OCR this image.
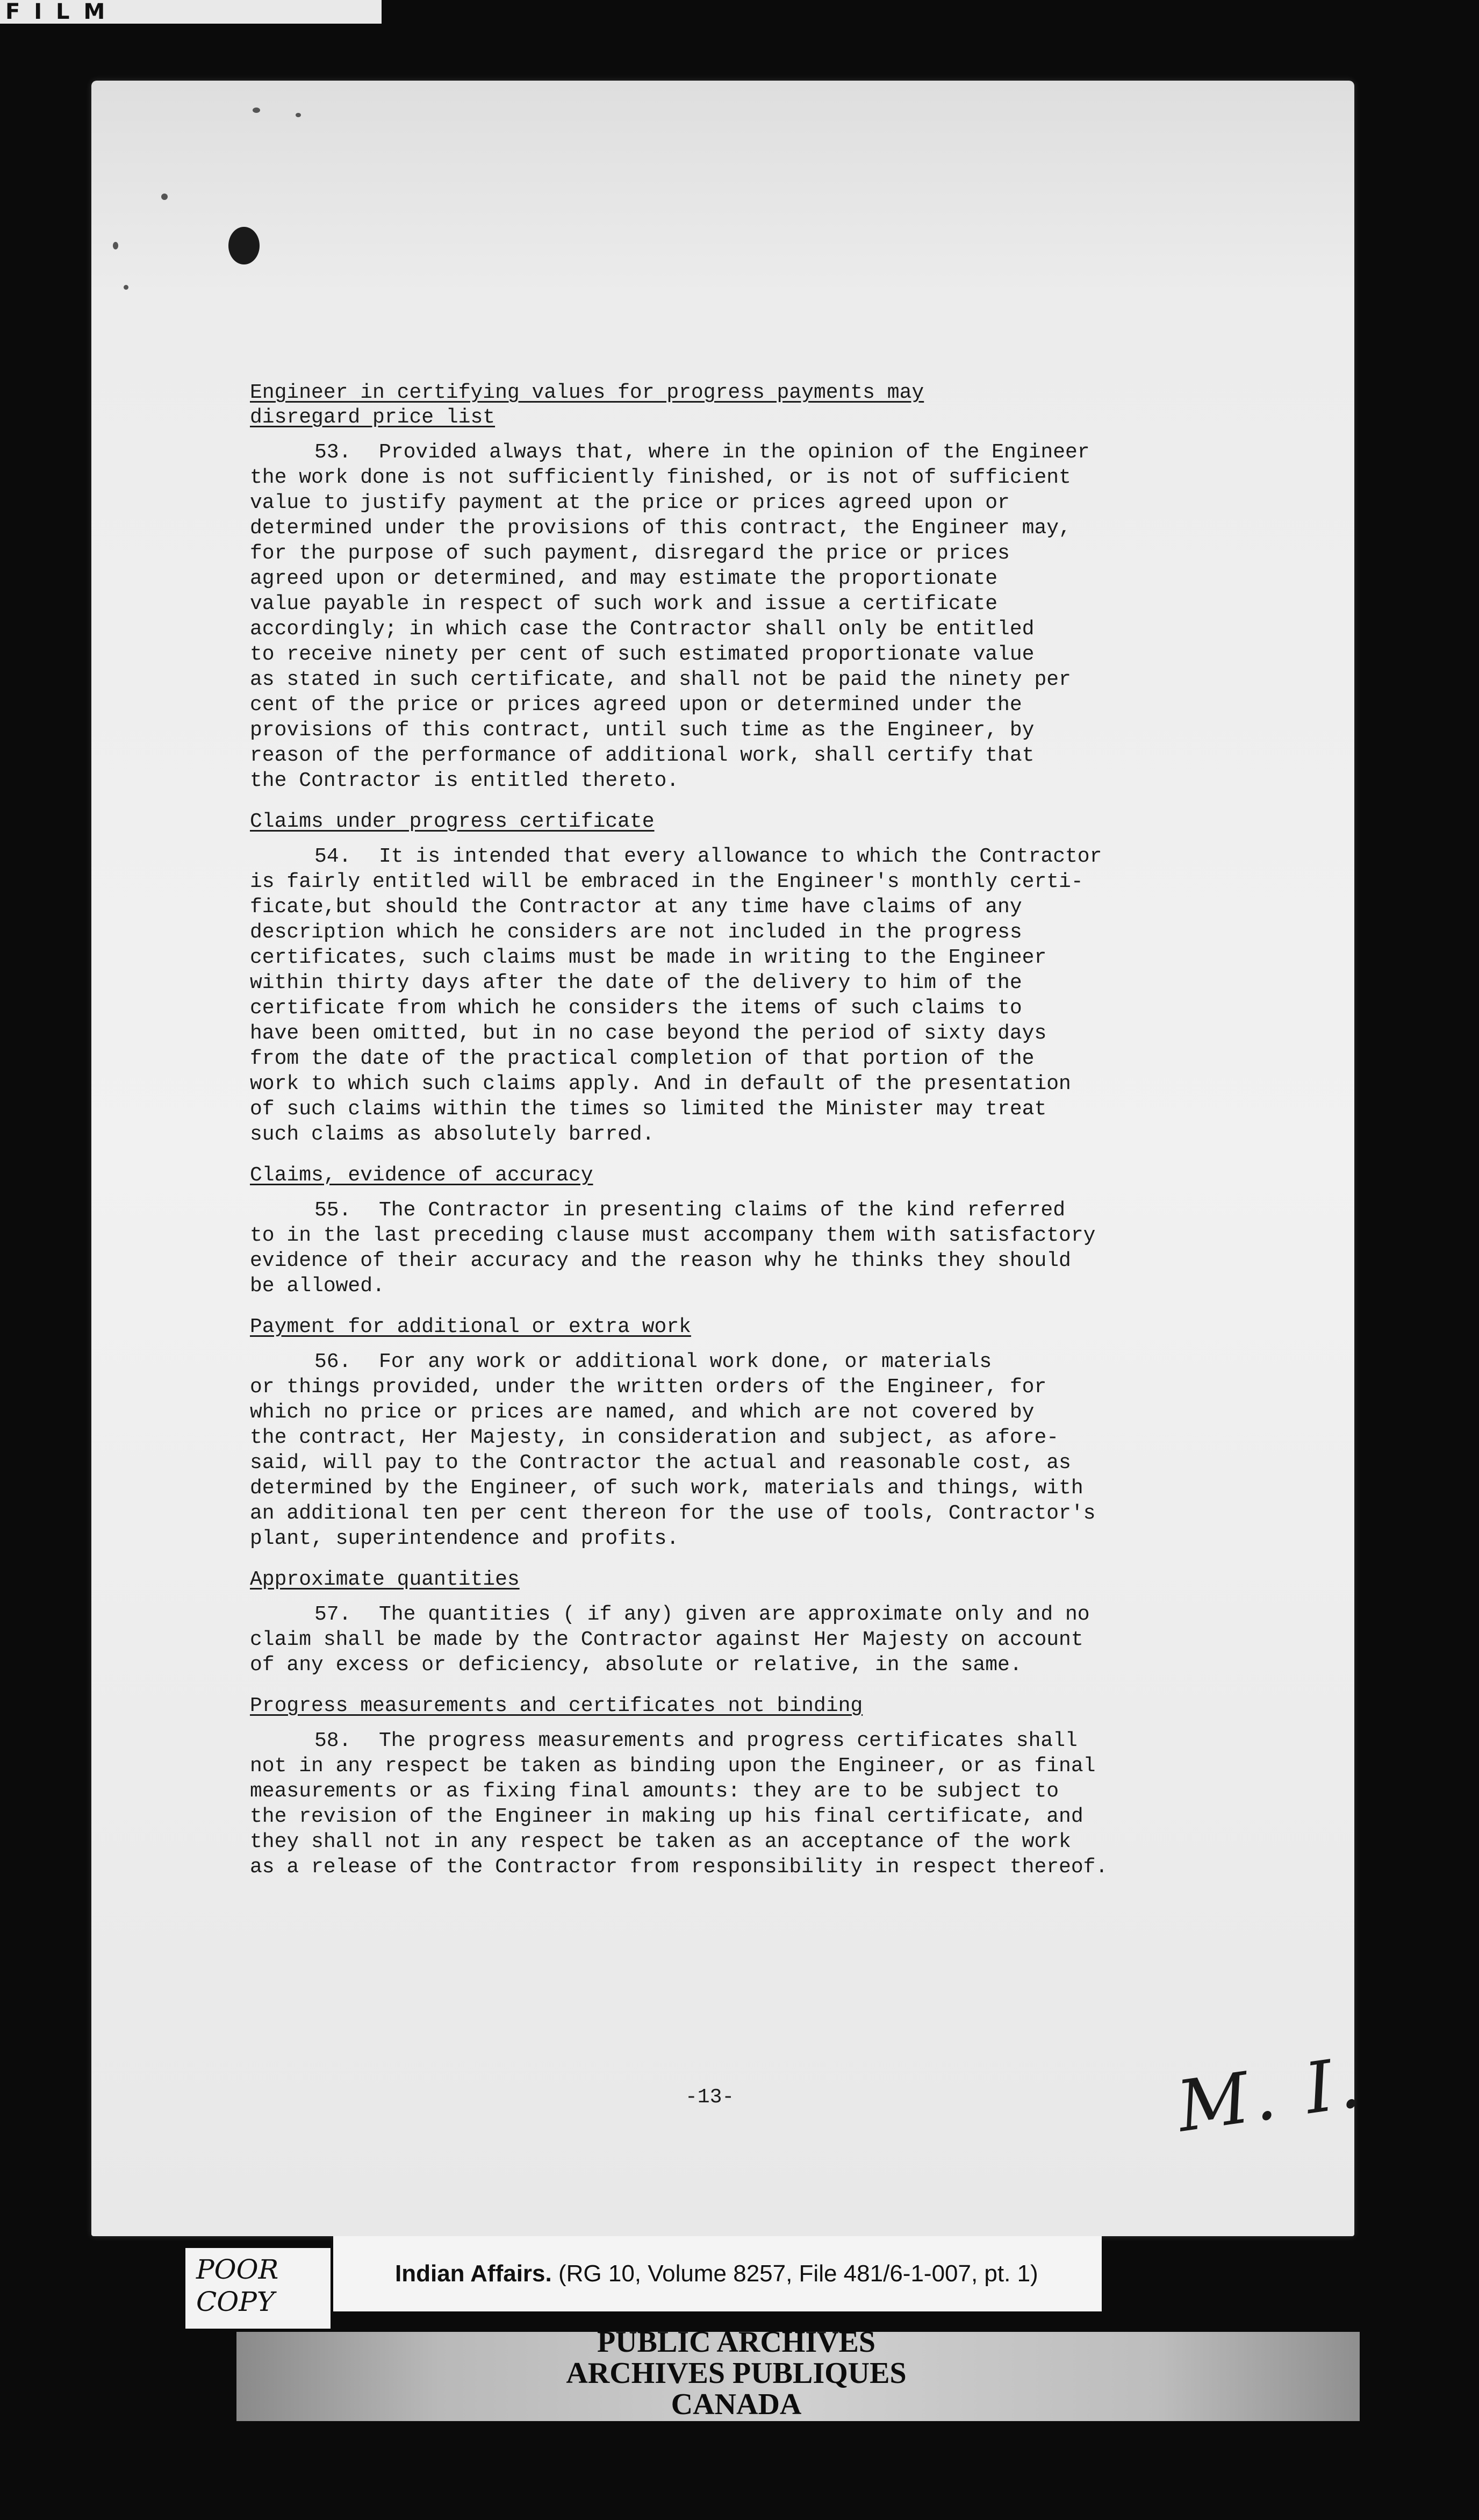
F I L M

Engineer in certifying values for progress payments may
disregard price list

53. Provided always that, where in the opinion of the Engineer
the work done is not sufficiently finished, or is not of sufficient
value to justify payment at the price or prices agreed upon or
determined under the provisions of this contract, the Engineer may,
for the purpose of such payment, disregard the price or prices
agreed upon or determined, and may estimate the proportionate
value payable in respect of such work and issue a certificate
accordingly; in which case the Contractor shall only be entitled
to receive ninety per cent of such estimated proportionate value
as stated in such certificate, and shall not be paid the ninety per
cent of the price or prices agreed upon or determined under the
provisions of this contract, until such time as the Engineer, by
reason of the performance of additional work, shall certify that
the Contractor is entitled thereto.

Claims under progress certificate

54. It is intended that every allowance to which the Contractor
is fairly entitled will be embraced in the Engineer's monthly certi-
ficate,but should the Contractor at any time have claims of any
description which he considers are not included in the progress
certificates, such claims must be made in writing to the Engineer
within thirty days after the date of the delivery to him of the
certificate from which he considers the items of such claims to
have been omitted, but in no case beyond the period of sixty days
from the date of the practical completion of that portion of the
work to which such claims apply. And in default of the presentation
of such claims within the times so limited the Minister may treat
such claims as absolutely barred.

Claims, evidence of accuracy

55. The Contractor in presenting claims of the kind referred
to in the last preceding clause must accompany them with satisfactory
evidence of their accuracy and the reason why he thinks they should
be allowed.

Payment for additional or extra work

56. For any work or additional work done, or materials
or things provided, under the written orders of the Engineer, for
which no price or prices are named, and which are not covered by
the contract, Her Majesty, in consideration and subject, as afore-
said, will pay to the Contractor the actual and reasonable cost, as
determined by the Engineer, of such work, materials and things, with
an additional ten per cent thereon for the use of tools, Contractor's
plant, superintendence and profits.

Approximate quantities

57. The quantities ( if any) given are approximate only and no
claim shall be made by the Contractor against Her Majesty on account
of any excess or deficiency, absolute or relative, in the same.

Progress measurements and certificates not binding

58. The progress measurements and progress certificates shall
not in any respect be taken as binding upon the Engineer, or as final
measurements or as fixing final amounts: they are to be subject to
the revision of the Engineer in making up his final certificate, and
they shall not in any respect be taken as an acceptance of the work
as a release of the Contractor from responsibility in respect thereof.
-13-	M. I.
POOR
COPY
Indian Affairs. (RG 10, Volume 8257, File 481/6-1-007, pt. 1)
PUBLIC ARCHIVES
ARCHIVES PUBLIQUES
CANADA
